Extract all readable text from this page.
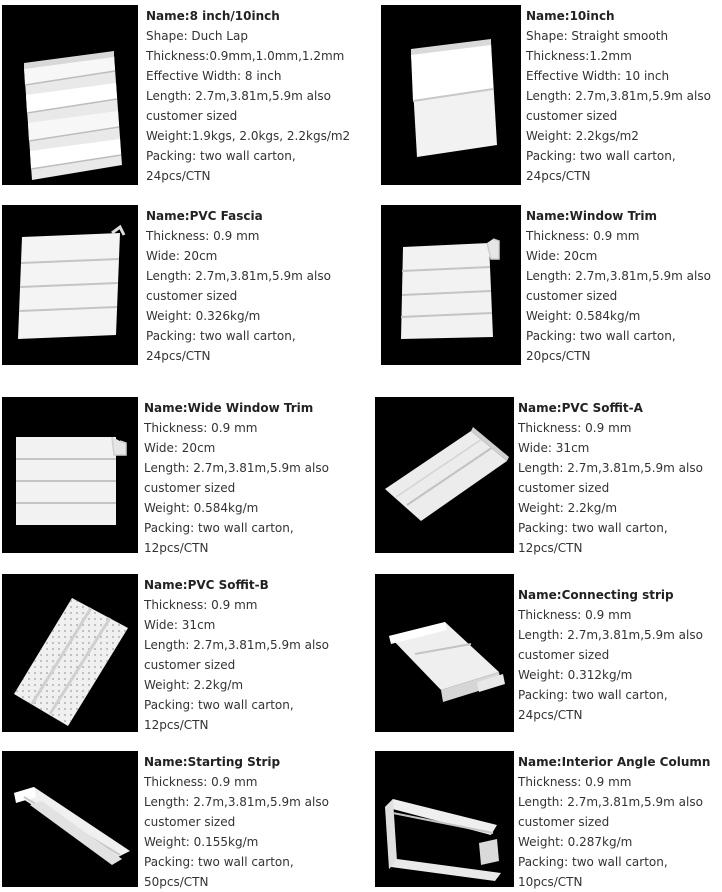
Name:8 inch/10inch
Shape: Duch Lap
Thickness:0.9mm,1.0mm,1.2mm
Effective Width: 8 inch
Length: 2.7m,3.81m,5.9m also
customer sized
Weight:1.9kgs, 2.0kgs, 2.2kgs/m2
Packing: two wall carton,
24pcs/CTN
Name:10inch
Shape: Straight smooth
Thickness:1.2mm
Effective Width: 10 inch
Length: 2.7m,3.81m,5.9m also
customer sized
Weight: 2.2kgs/m2
Packing: two wall carton,
24pcs/CTN
Name:PVC Fascia
Thickness: 0.9 mm
Wide: 20cm
Length: 2.7m,3.81m,5.9m also
customer sized
Weight: 0.326kg/m
Packing: two wall carton,
24pcs/CTN
Name:Window Trim
Thickness: 0.9 mm
Wide: 20cm
Length: 2.7m,3.81m,5.9m also
customer sized
Weight: 0.584kg/m
Packing: two wall carton,
20pcs/CTN
Name:Wide Window Trim
Thickness: 0.9 mm
Wide: 20cm
Length: 2.7m,3.81m,5.9m also
customer sized
Weight: 0.584kg/m
Packing: two wall carton,
12pcs/CTN
Name:PVC Soffit-A
Thickness: 0.9 mm
Wide: 31cm
Length: 2.7m,3.81m,5.9m also
customer sized
Weight: 2.2kg/m
Packing: two wall carton,
12pcs/CTN
Name:PVC Soffit-B
Thickness: 0.9 mm
Wide: 31cm
Length: 2.7m,3.81m,5.9m also
customer sized
Weight: 2.2kg/m
Packing: two wall carton,
12pcs/CTN
Name:Connecting strip
Thickness: 0.9 mm
Length: 2.7m,3.81m,5.9m also
customer sized
Weight: 0.312kg/m
Packing: two wall carton,
24pcs/CTN
Name:Starting Strip
Thickness: 0.9 mm
Length: 2.7m,3.81m,5.9m also
customer sized
Weight: 0.155kg/m
Packing: two wall carton,
50pcs/CTN
Name:Interior Angle Column
Thickness: 0.9 mm
Length: 2.7m,3.81m,5.9m also
customer sized
Weight: 0.287kg/m
Packing: two wall carton,
10pcs/CTN
